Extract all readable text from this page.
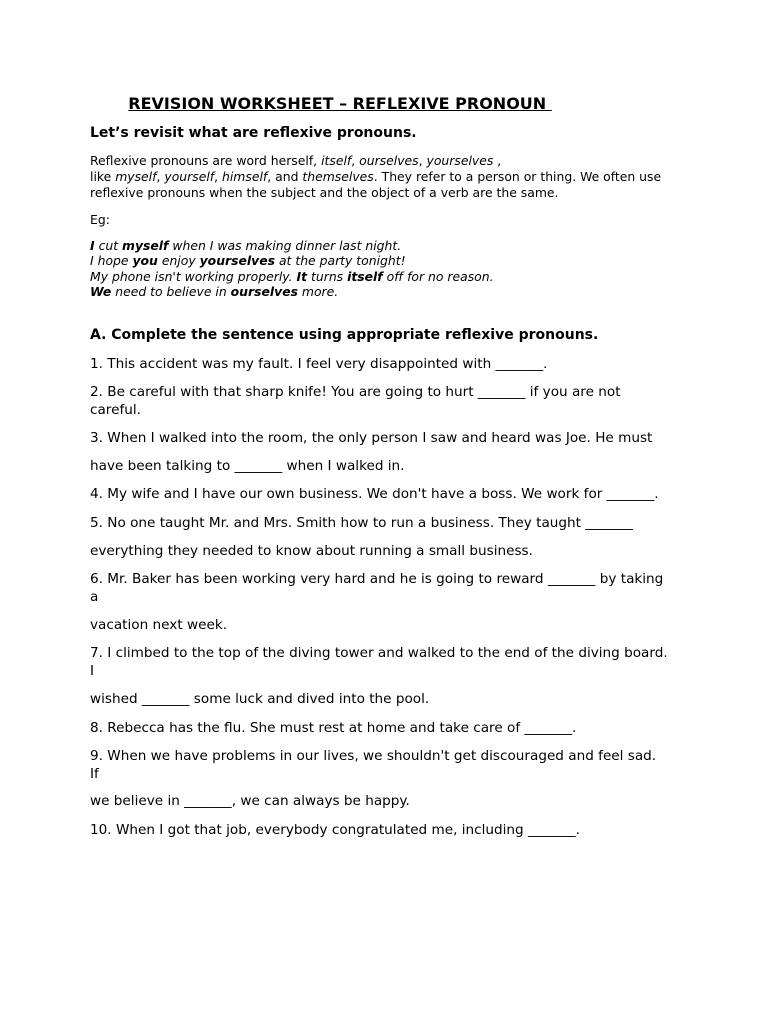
REVISION WORKSHEET – REFLEXIVE PRONOUN
Let’s revisit what are reflexive pronouns.
Reflexive pronouns are word herself, itself, ourselves, yourselves ,
like myself, yourself, himself, and themselves. They refer to a person or thing. We often use reflexive pronouns when the subject and the object of a verb are the same.
Eg:
I cut myself when I was making dinner last night.
I hope you enjoy yourselves at the party tonight!
My phone isn't working properly. It turns itself off for no reason.
We need to believe in ourselves more.
A. Complete the sentence using appropriate reflexive pronouns.
1. This accident was my fault. I feel very disappointed with _______.
2. Be careful with that sharp knife! You are going to hurt _______ if you are not
careful.
3. When I walked into the room, the only person I saw and heard was Joe. He must
have been talking to _______ when I walked in.
4. My wife and I have our own business. We don't have a boss. We work for _______.
5. No one taught Mr. and Mrs. Smith how to run a business. They taught _______
everything they needed to know about running a small business.
6. Mr. Baker has been working very hard and he is going to reward _______ by taking
a
vacation next week.
7. I climbed to the top of the diving tower and walked to the end of the diving board.
I
wished _______ some luck and dived into the pool.
8. Rebecca has the flu. She must rest at home and take care of _______.
9. When we have problems in our lives, we shouldn't get discouraged and feel sad.
If
we believe in _______, we can always be happy.
10. When I got that job, everybody congratulated me, including _______.
